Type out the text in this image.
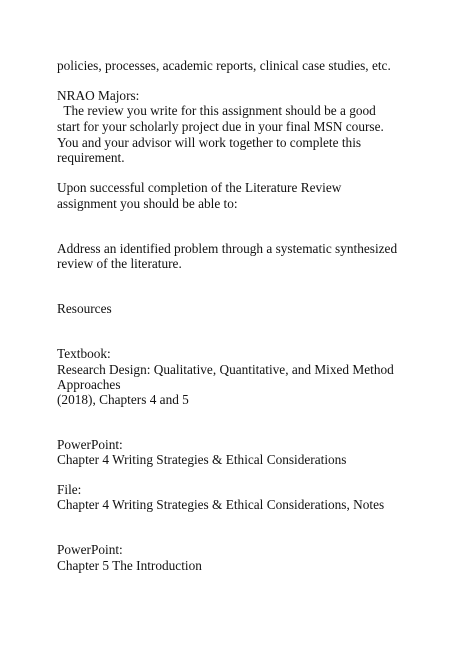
policies, processes, academic reports, clinical case studies, etc.

NRAO Majors:

The review you write for this assignment should be a good

start for your scholarly project due in your final MSN course.

You and your advisor will work together to complete this

requirement.

Upon successful completion of the Literature Review

assignment you should be able to:

Address an identified problem through a systematic synthesized

review of the literature.

Resources

Textbook:

Research Design: Qualitative, Quantitative, and Mixed Method

Approaches

(2018), Chapters 4 and 5

PowerPoint:

Chapter 4 Writing Strategies & Ethical Considerations

File:

Chapter 4 Writing Strategies & Ethical Considerations, Notes

PowerPoint:

Chapter 5 The Introduction
